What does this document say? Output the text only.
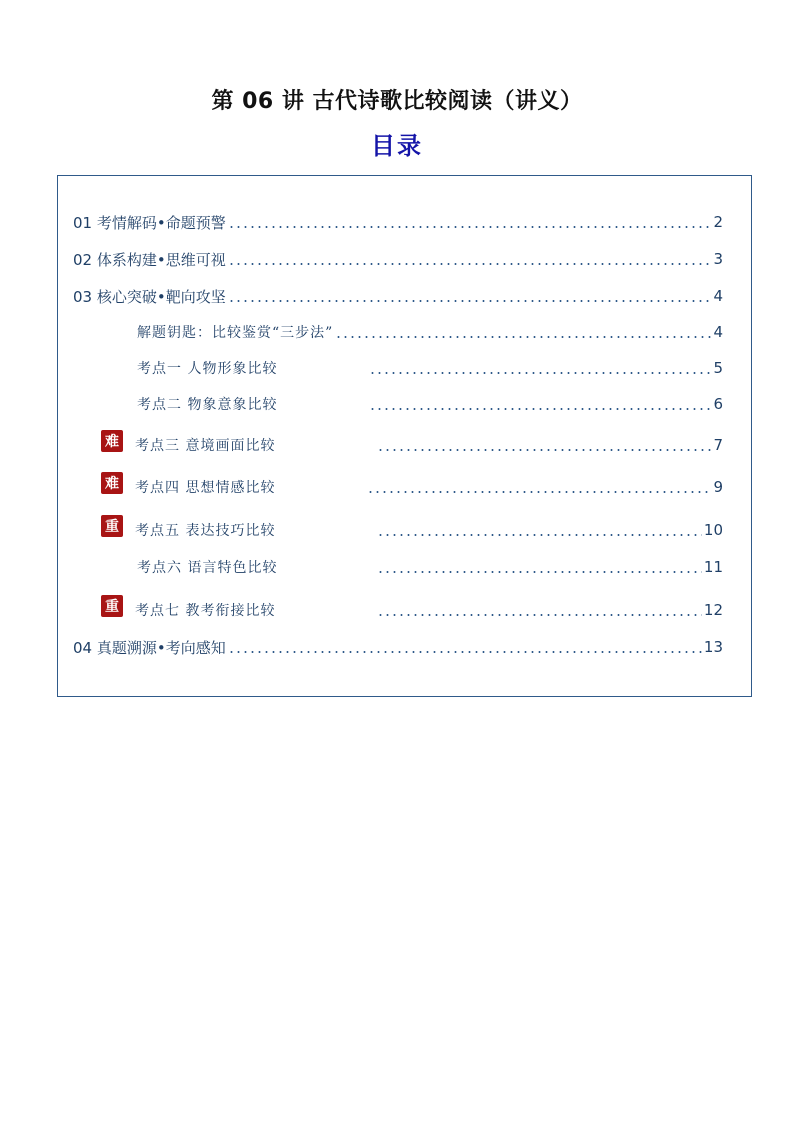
第 06 讲 古代诗歌比较阅读（讲义）
目录
01 考情解码•命题预警	2
02 体系构建•思维可视	3
03 核心突破•靶向攻坚	4
解题钥匙：比较鉴赏“三步法”	4
考点一 人物形象比较	5
考点二 物象意象比较	6
难 考点三 意境画面比较	7
难 考点四 思想情感比较	9
重 考点五 表达技巧比较	10
考点六 语言特色比较	11
重 考点七 教考衔接比较	12
04 真题溯源•考向感知	13
